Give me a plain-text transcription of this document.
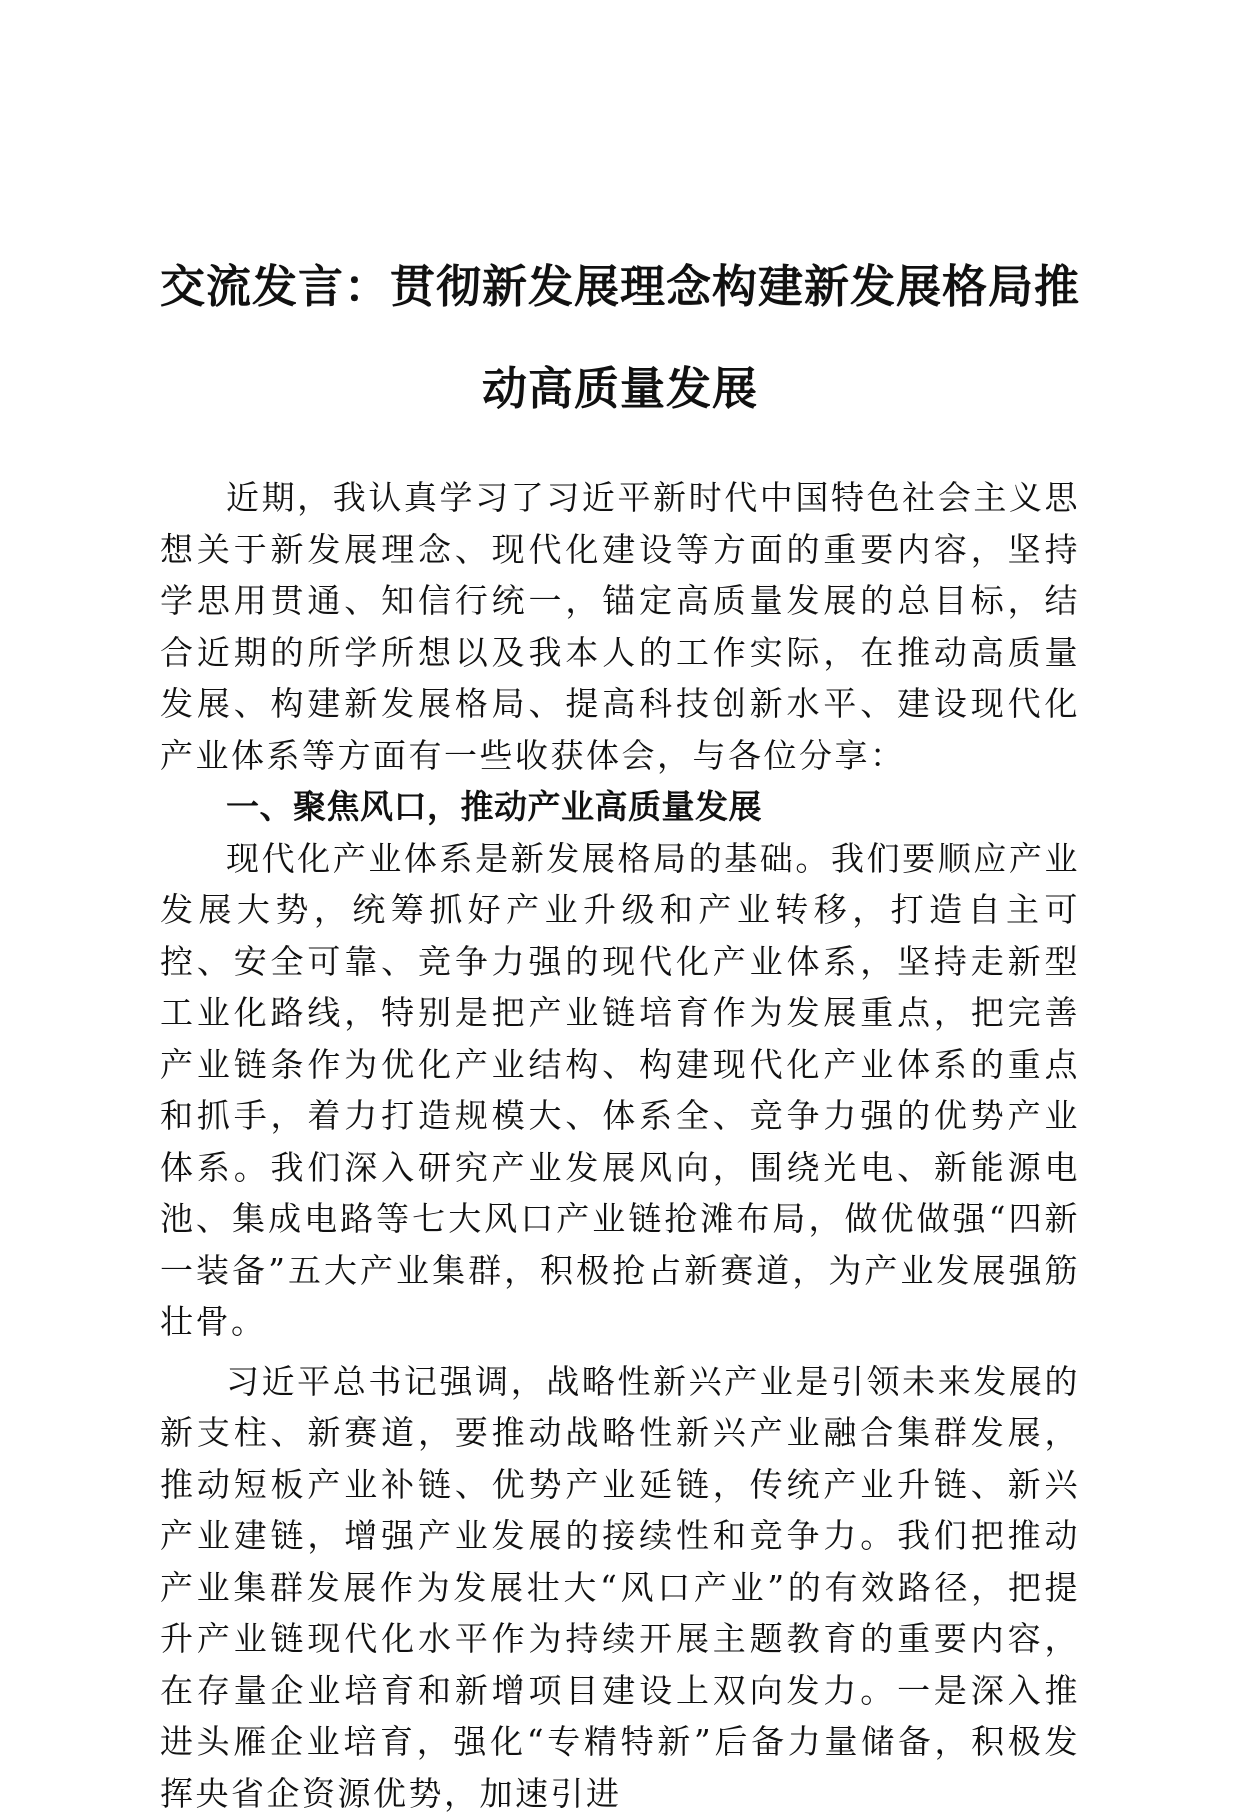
交流发言：贯彻新发展理念构建新发展格局推动高质量发展

近期，我认真学习了习近平新时代中国特色社会主义思想关于新发展理念、现代化建设等方面的重要内容，坚持学思用贯通、知信行统一，锚定高质量发展的总目标，结合近期的所学所想以及我本人的工作实际，在推动高质量发展、构建新发展格局、提高科技创新水平、建设现代化产业体系等方面有一些收获体会，与各位分享：

一、聚焦风口，推动产业高质量发展

现代化产业体系是新发展格局的基础。我们要顺应产业发展大势，统筹抓好产业升级和产业转移，打造自主可控、安全可靠、竞争力强的现代化产业体系，坚持走新型工业化路线，特别是把产业链培育作为发展重点，把完善产业链条作为优化产业结构、构建现代化产业体系的重点和抓手，着力打造规模大、体系全、竞争力强的优势产业体系。我们深入研究产业发展风向，围绕光电、新能源电池、集成电路等七大风口产业链抢滩布局，做优做强“四新一装备”五大产业集群，积极抢占新赛道，为产业发展强筋壮骨。

习近平总书记强调，战略性新兴产业是引领未来发展的新支柱、新赛道，要推动战略性新兴产业融合集群发展，推动短板产业补链、优势产业延链，传统产业升链、新兴产业建链，增强产业发展的接续性和竞争力。我们把推动产业集群发展作为发展壮大“风口产业”的有效路径，把提升产业链现代化水平作为持续开展主题教育的重要内容，在存量企业培育和新增项目建设上双向发力。一是深入推进头雁企业培育，强化“专精特新”后备力量储备，积极发挥央省企资源优势，加速引进
